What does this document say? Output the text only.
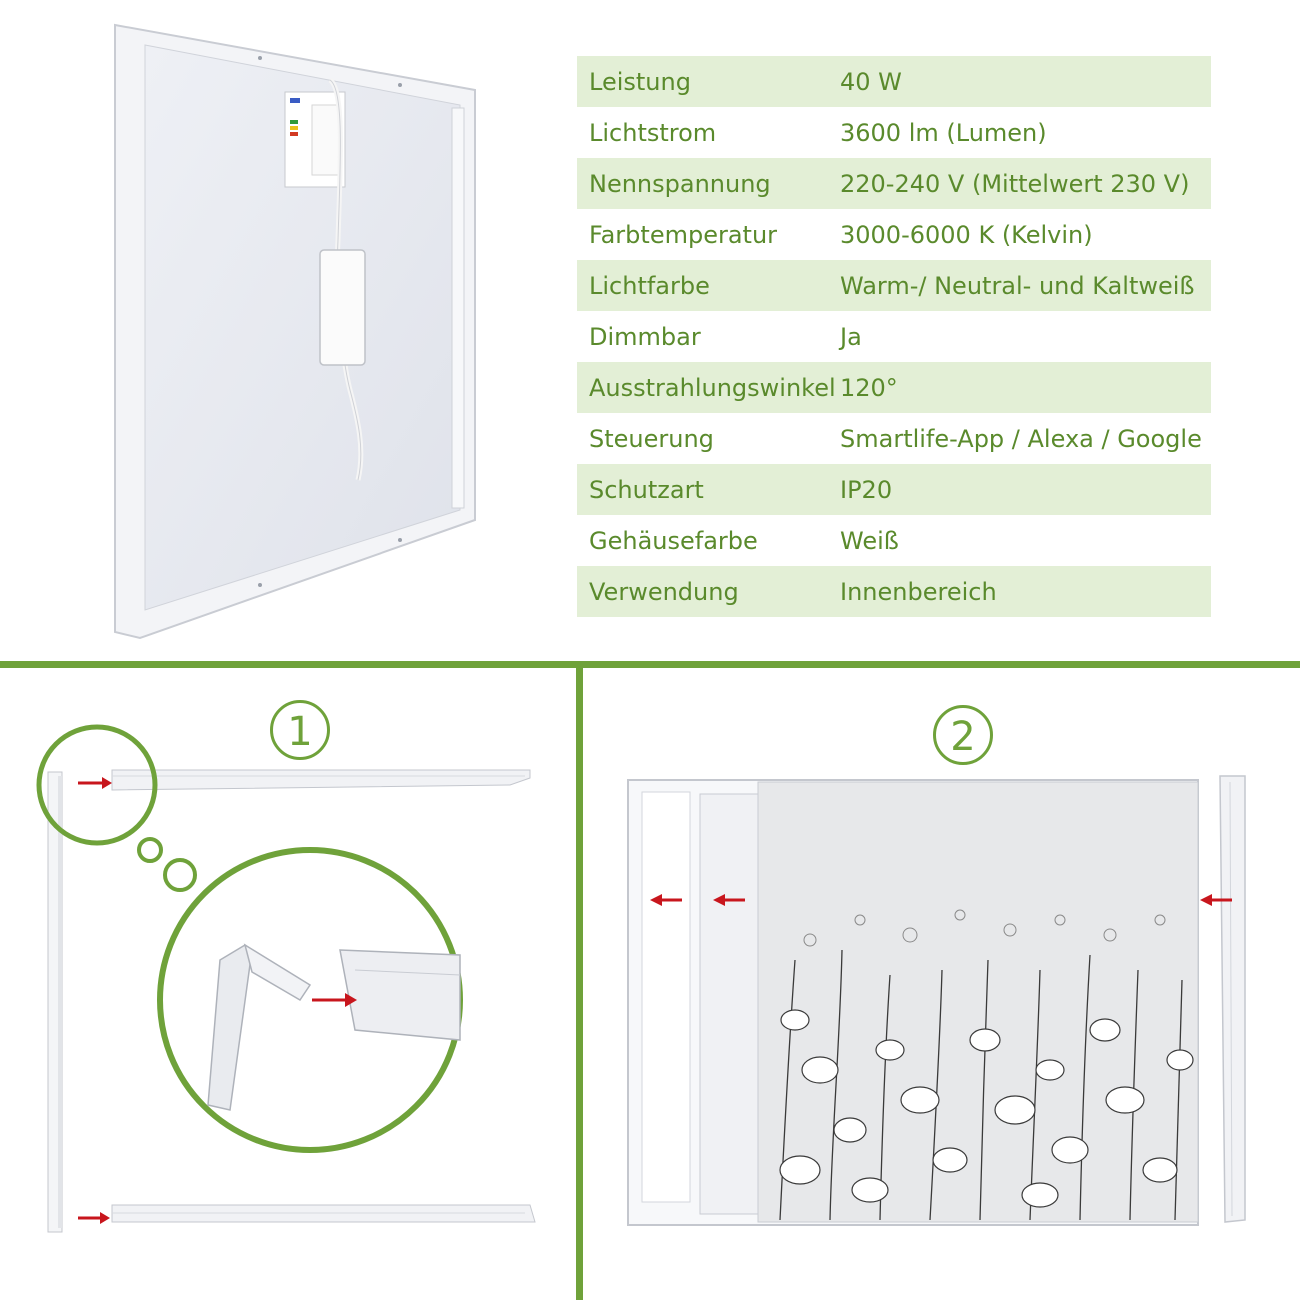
Leistung	40 W
Lichtstrom	3600 lm (Lumen)
Nennspannung	220-240 V (Mittelwert 230 V)
Farbtemperatur	3000-6000 K (Kelvin)
Lichtfarbe	Warm-/ Neutral- und Kaltweiß
Dimmbar	Ja
Ausstrahlungswinkel 120°
Steuerung	Smartlife-App / Alexa / Google
Schutzart	IP20
Gehäusefarbe	Weiß
Verwendung	Innenbereich
1	2
